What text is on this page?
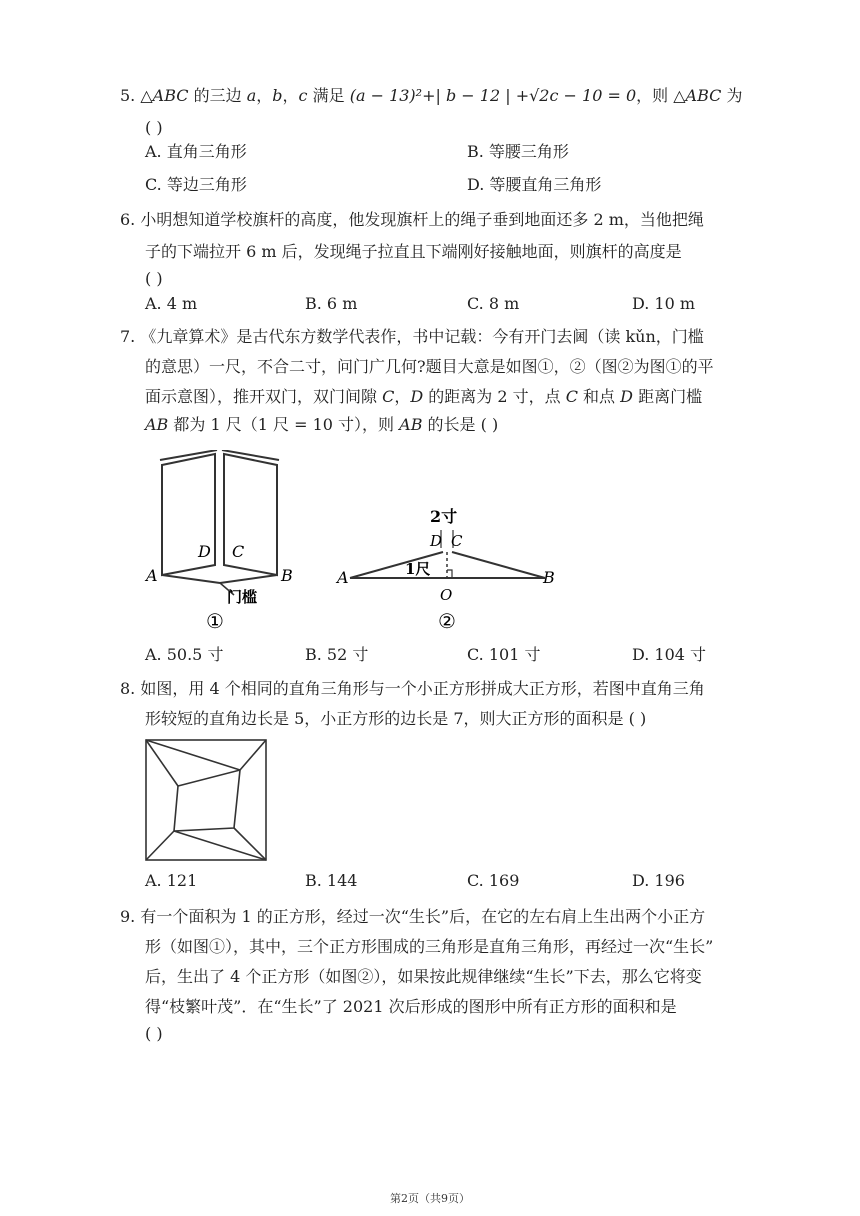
5. △ABC 的三边 a，b，c 满足 (a − 13)²+| b − 12 | +√2c − 10 = 0，则 △ABC 为
( )
A. 直角三角形	B. 等腰三角形
C. 等边三角形	D. 等腰直角三角形
6. 小明想知道学校旗杆的高度，他发现旗杆上的绳子垂到地面还多 2 m，当他把绳
子的下端拉开 6 m 后，发现绳子拉直且下端刚好接触地面，则旗杆的高度是
( )
A. 4 m	B. 6 m	C. 8 m	D. 10 m
7. 《九章算术》是古代东方数学代表作，书中记载：今有开门去阃（读 kǔn，门槛
的意思）一尺，不合二寸，问门广几何?题目大意是如图①，②（图②为图①的平
面示意图），推开双门，双门间隙 C，D 的距离为 2 寸，点 C 和点 D 距离门槛
AB 都为 1 尺（1 尺 = 10 寸），则 AB 的长是 ( )
A
D C
B
门槛
①
2寸
D C
1尺
A	B
O
②
A. 50.5 寸	B. 52 寸	C. 101 寸	D. 104 寸
8. 如图，用 4 个相同的直角三角形与一个小正方形拼成大正方形，若图中直角三角
形较短的直角边长是 5，小正方形的边长是 7，则大正方形的面积是 ( )
A. 121	B. 144	C. 169	D. 196
9. 有一个面积为 1 的正方形，经过一次“生长”后，在它的左右肩上生出两个小正方
形（如图①），其中，三个正方形围成的三角形是直角三角形，再经过一次“生长”
后，生出了 4 个正方形（如图②），如果按此规律继续“生长”下去，那么它将变
得“枝繁叶茂”．在“生长”了 2021 次后形成的图形中所有正方形的面积和是
( )
第2页（共9页）
